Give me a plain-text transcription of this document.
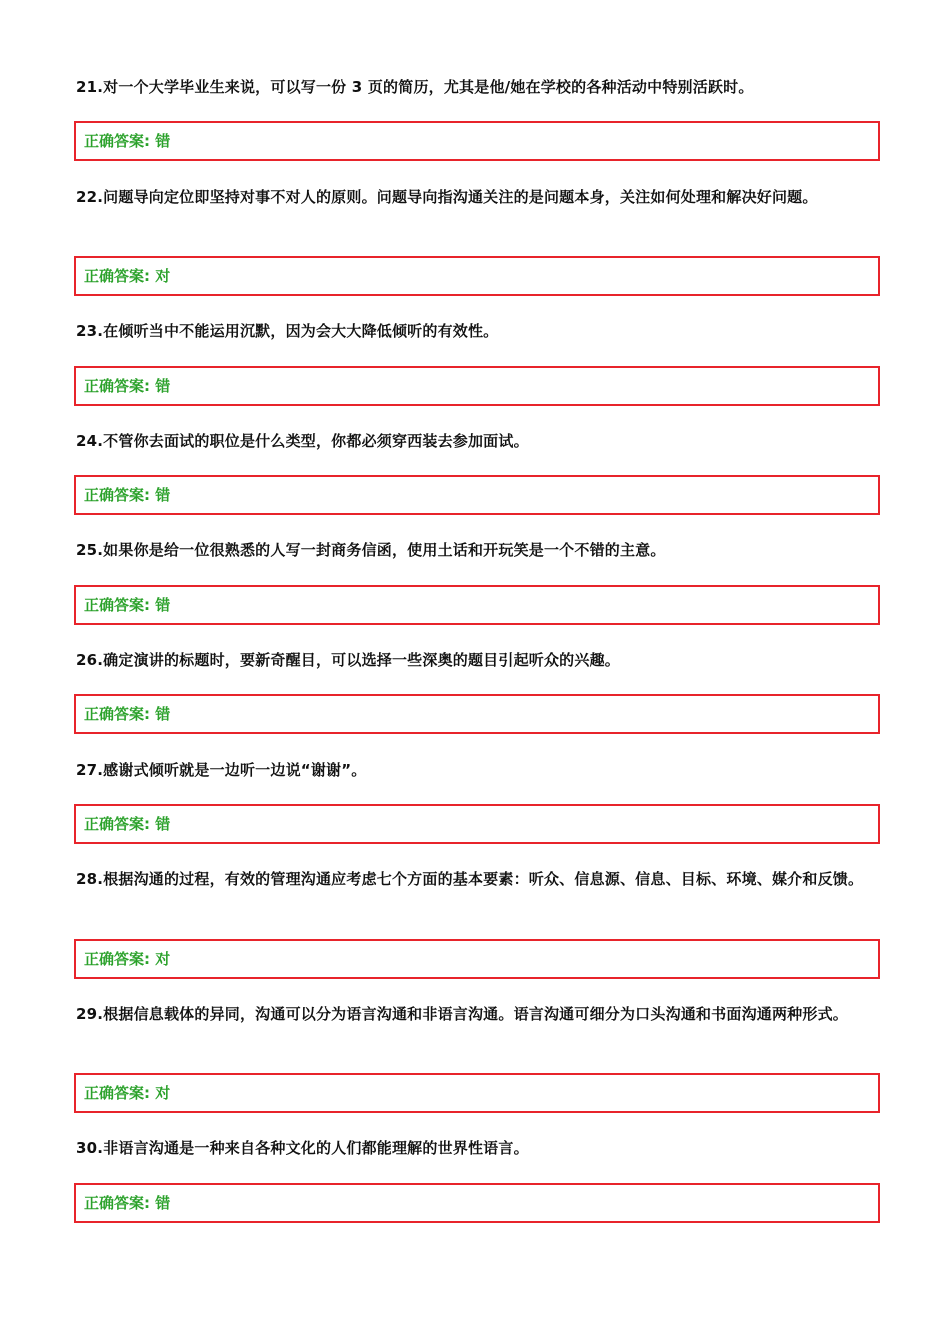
21.对一个大学毕业生来说，可以写一份 3 页的简历，尤其是他/她在学校的各种活动中特别活跃时。
正确答案: 错
22.问题导向定位即坚持对事不对人的原则。问题导向指沟通关注的是问题本身，关注如何处理和解决好问题。
正确答案: 对
23.在倾听当中不能运用沉默，因为会大大降低倾听的有效性。
正确答案: 错
24.不管你去面试的职位是什么类型，你都必须穿西装去参加面试。
正确答案: 错
25.如果你是给一位很熟悉的人写一封商务信函，使用土话和开玩笑是一个不错的主意。
正确答案: 错
26.确定演讲的标题时，要新奇醒目，可以选择一些深奥的题目引起听众的兴趣。
正确答案: 错
27.感谢式倾听就是一边听一边说“谢谢”。
正确答案: 错
28.根据沟通的过程，有效的管理沟通应考虑七个方面的基本要素：听众、信息源、信息、目标、环境、媒介和反馈。
正确答案: 对
29.根据信息载体的异同，沟通可以分为语言沟通和非语言沟通。语言沟通可细分为口头沟通和书面沟通两种形式。
正确答案: 对
30.非语言沟通是一种来自各种文化的人们都能理解的世界性语言。
正确答案: 错
